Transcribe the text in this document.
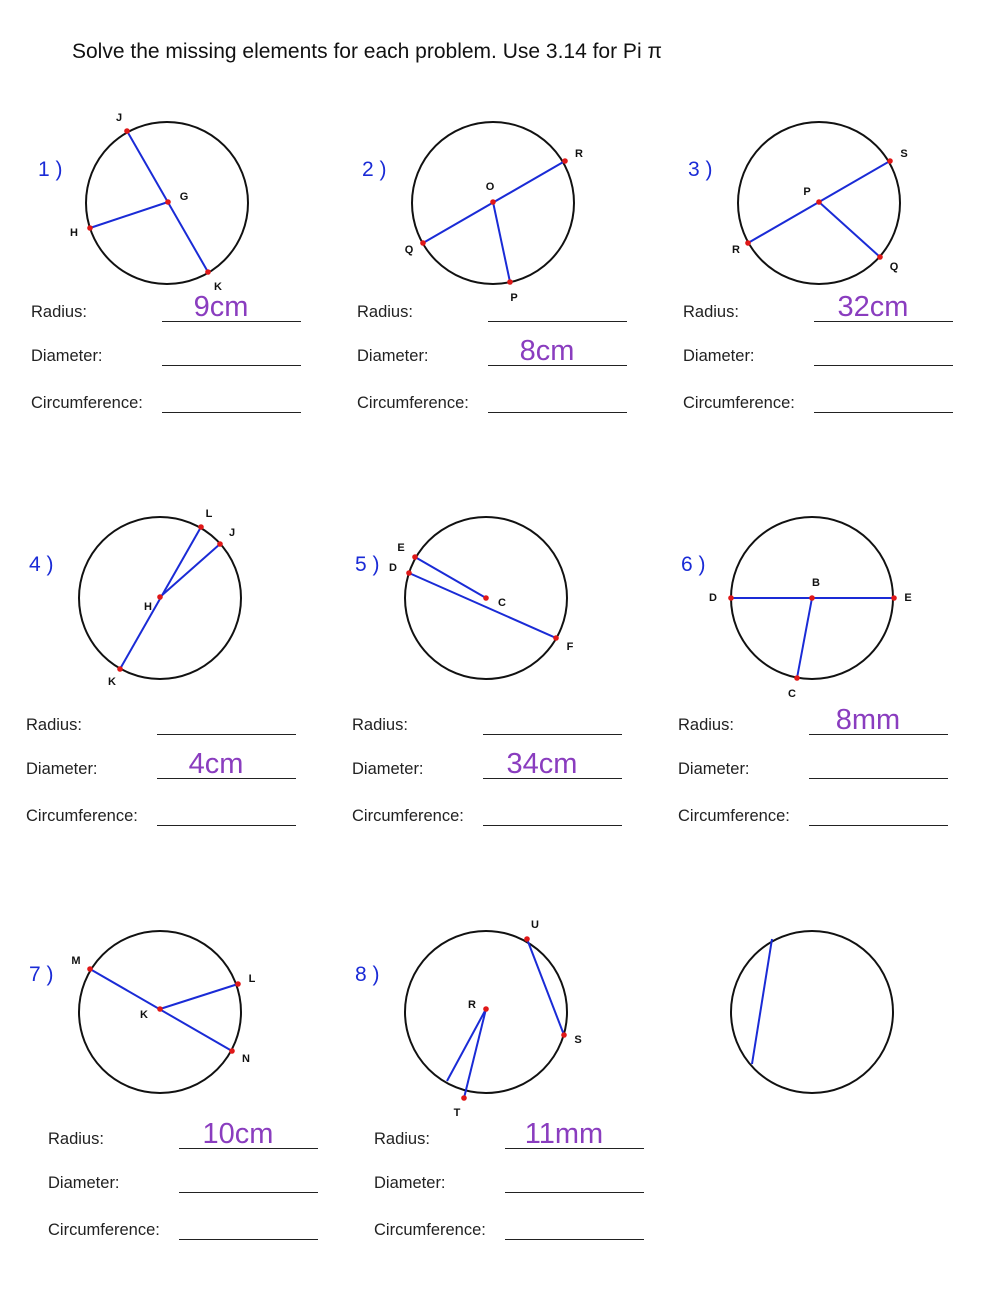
Solve the missing elements for each problem. Use 3.14 for Pi π
J
G
H
K
R
O
Q
P
S
P
R
Q
L
J
H
K
E
D
C
F
B
D	E
C
M
L
K
N
U
R
S
T
1 )
Radius:	9cm
Diameter:
Circumference:
2 )
Radius:
Diameter:	8cm
Circumference:
3 )
Radius:	32cm
Diameter:
Circumference:
4 )
Radius:
Diameter:	4cm
Circumference:
5 )
Radius:
Diameter:	34cm
Circumference:
6 )
Radius:	8mm
Diameter:
Circumference:
7 )
Radius:	10cm
Diameter:
Circumference:
8 )
Radius:	11mm
Diameter:
Circumference:
